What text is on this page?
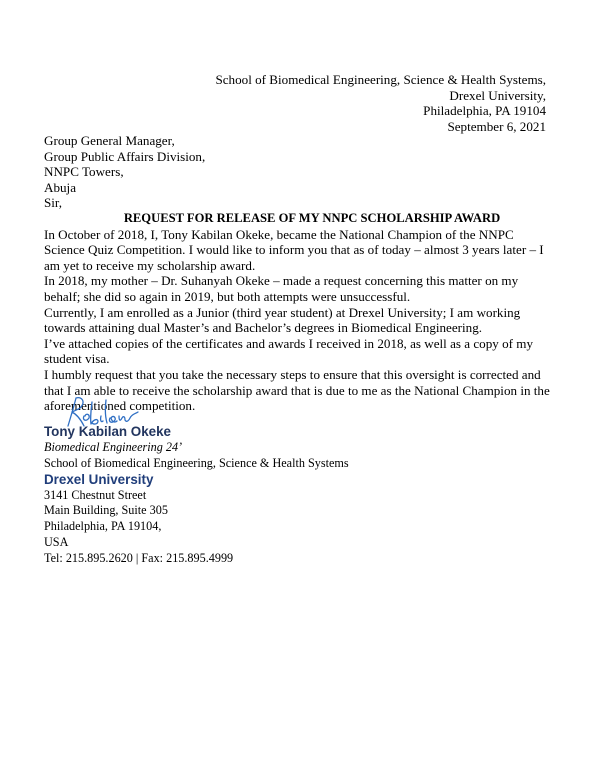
School of Biomedical Engineering, Science & Health Systems,
Drexel University,
Philadelphia, PA 19104
September 6, 2021
Group General Manager,
Group Public Affairs Division,
NNPC Towers,
Abuja
Sir,
REQUEST FOR RELEASE OF MY NNPC SCHOLARSHIP AWARD
In October of 2018, I, Tony Kabilan Okeke, became the National Champion of the NNPC
Science Quiz Competition. I would like to inform you that as of today – almost 3 years later – I
am yet to receive my scholarship award.
In 2018, my mother – Dr. Suhanyah Okeke – made a request concerning this matter on my
behalf; she did so again in 2019, but both attempts were unsuccessful.
Currently, I am enrolled as a Junior (third year student) at Drexel University; I am working
towards attaining dual Master’s and Bachelor’s degrees in Biomedical Engineering.
I’ve attached copies of the certificates and awards I received in 2018, as well as a copy of my
student visa.
I humbly request that you take the necessary steps to ensure that this oversight is corrected and
that I am able to receive the scholarship award that is due to me as the National Champion in the
aforementioned competition.
Tony Kabilan Okeke
Biomedical Engineering 24’
School of Biomedical Engineering, Science & Health Systems
Drexel University
3141 Chestnut Street
Main Building, Suite 305
Philadelphia, PA 19104,
USA
Tel: 215.895.2620 | Fax: 215.895.4999
